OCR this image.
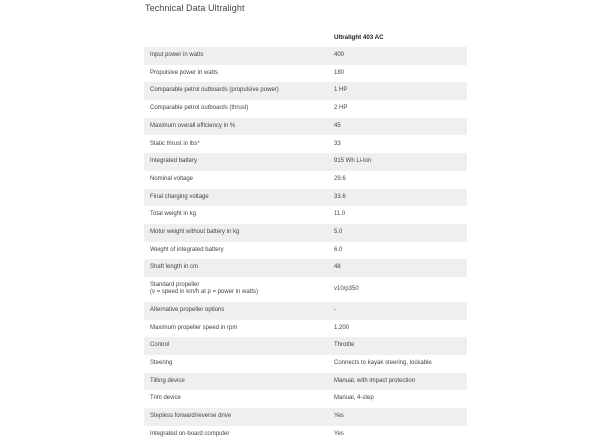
Technical Data Ultralight
	Ultralight 403 AC
Input power in watts	400
Propulsive power in watts	180
Comparable petrol outboards (propulsive power)	1 HP
Comparable petrol outboards (thrust)	2 HP
Maximum overall efficiency in %	45
Static thrust in lbs*	33
Integrated battery	915 Wh Li-Ion
Nominal voltage	29.6
Final charging voltage	33.6
Total weight in kg	11.0
Motor weight without battery in kg	5.0
Weight of integrated battery	6.0
Shaft length in cm	48

Standard propeller
(v = speed in km/h at p = power in watts)	v10/p350
Alternative propeller options	-
Maximum propeller speed in rpm	1,200
Control	Throttle
Steering	Connects to kayak steering, lockable
Tilting device	Manual, with impact protection
Trim device	Manual, 4-step
Stepless forward/reverse drive	Yes
Integrated on-board computer	Yes
